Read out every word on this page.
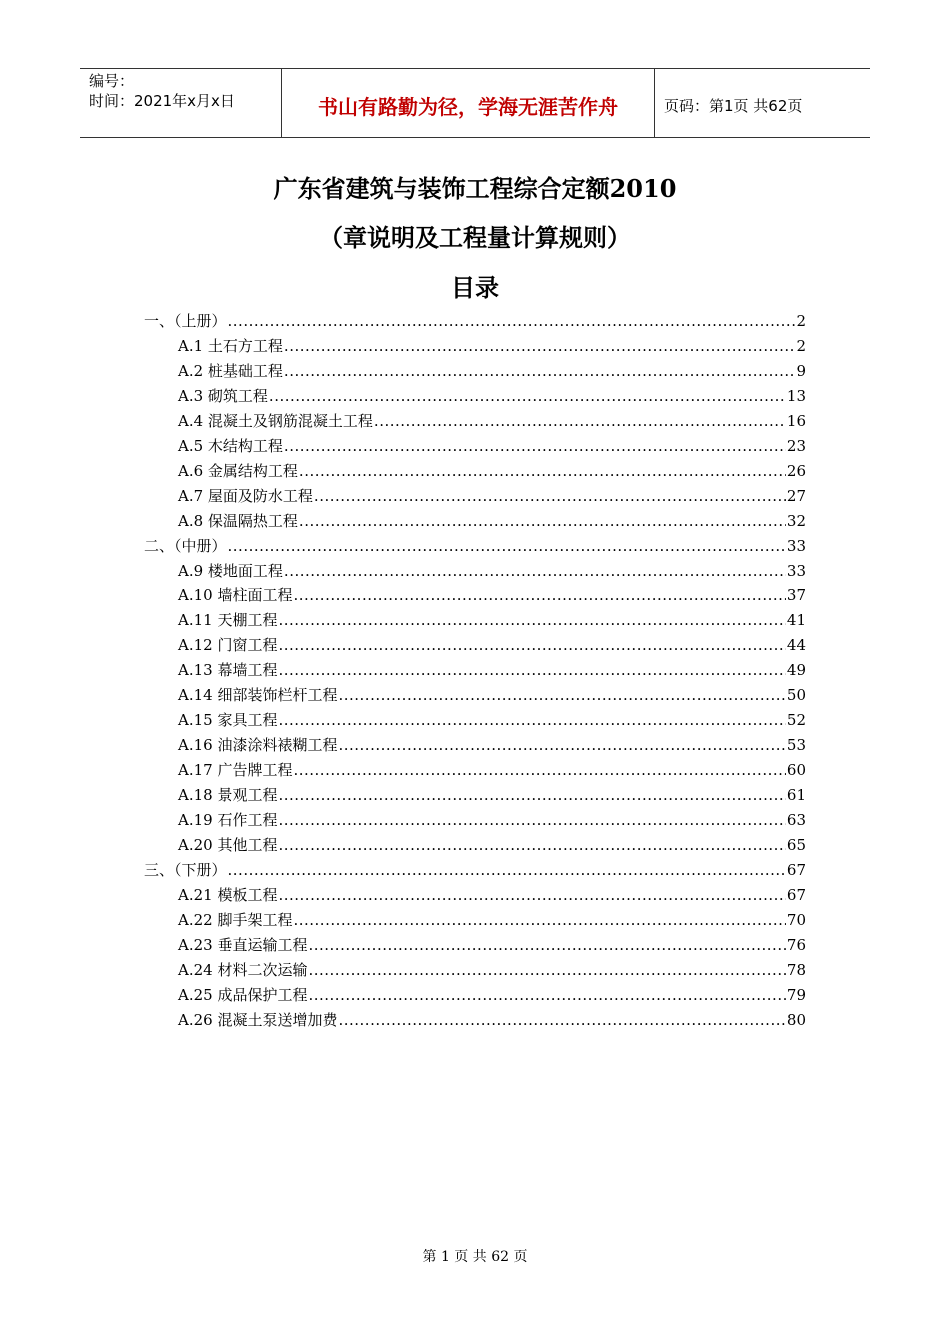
编号：
时间：2021年x月x日	书山有路勤为径，学海无涯苦作舟	页码：第1页 共62页
广东省建筑与装饰工程综合定额2010
（章说明及工程量计算规则）
目录
一、（上册） .....	2
A.1 土石方工程 .....	2
A.2 桩基础工程 .....	9
A.3 砌筑工程 .....	13
A.4 混凝土及钢筋混凝土工程 .....	16
A.5 木结构工程 .....	23
A.6 金属结构工程 .....	26
A.7 屋面及防水工程 .....	27
A.8 保温隔热工程 .....	32
二、（中册） .....	33
A.9 楼地面工程 .....	33
A.10 墙柱面工程 .....	37
A.11 天棚工程 .....	41
A.12 门窗工程 .....	44
A.13 幕墙工程 .....	49
A.14 细部装饰栏杆工程 .....	50
A.15 家具工程 .....	52
A.16 油漆涂料裱糊工程 .....	53
A.17 广告牌工程 .....	60
A.18 景观工程 .....	61
A.19 石作工程 .....	63
A.20 其他工程 .....	65
三、（下册） .....	67
A.21 模板工程 .....	67
A.22 脚手架工程 .....	70
A.23 垂直运输工程 .....	76
A.24 材料二次运输 .....	78
A.25 成品保护工程 .....	79
A.26 混凝土泵送增加费 .....	80
第 1 页 共 62 页
